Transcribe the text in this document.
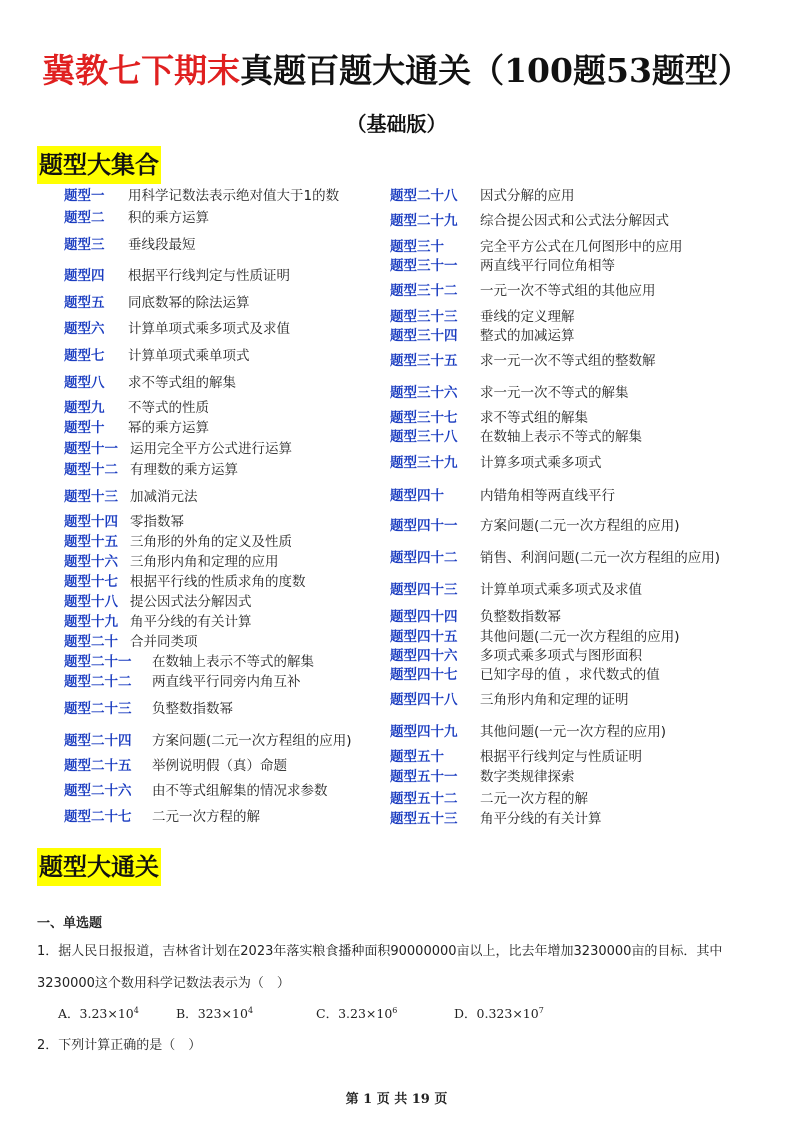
冀教七下期末真题百题大通关（100题53题型）
（基础版）
题型大集合
题型一 用科学记数法表示绝对值大于1的数
题型二 积的乘方运算
题型三 垂线段最短
题型四 根据平行线判定与性质证明
题型五 同底数幂的除法运算
题型六 计算单项式乘多项式及求值
题型七 计算单项式乘单项式
题型八 求不等式组的解集
题型九 不等式的性质
题型十 幂的乘方运算
题型十一 运用完全平方公式进行运算
题型十二 有理数的乘方运算
题型十三 加减消元法
题型十四 零指数幂
题型十五 三角形的外角的定义及性质
题型十六 三角形内角和定理的应用
题型十七 根据平行线的性质求角的度数
题型十八 提公因式法分解因式
题型十九 角平分线的有关计算
题型二十 合并同类项
题型二十一 在数轴上表示不等式的解集
题型二十二 两直线平行同旁内角互补
题型二十三 负整数指数幂
题型二十四 方案问题(二元一次方程组的应用)
题型二十五 举例说明假（真）命题
题型二十六 由不等式组解集的情况求参数
题型二十七 二元一次方程的解
题型二十八 因式分解的应用
题型二十九 综合提公因式和公式法分解因式
题型三十	完全平方公式在几何图形中的应用
题型三十一 两直线平行同位角相等
题型三十二 一元一次不等式组的其他应用
题型三十三 垂线的定义理解
题型三十四 整式的加减运算
题型三十五 求一元一次不等式组的整数解
题型三十六 求一元一次不等式的解集
题型三十七 求不等式组的解集
题型三十八 在数轴上表示不等式的解集
题型三十九 计算多项式乘多项式
题型四十	内错角相等两直线平行
题型四十一 方案问题(二元一次方程组的应用)
题型四十二 销售、利润问题(二元一次方程组的应用)
题型四十三 计算单项式乘多项式及求值
题型四十四 负整数指数幂
题型四十五 其他问题(二元一次方程组的应用)
题型四十六 多项式乘多项式与图形面积
题型四十七 已知字母的值 ，求代数式的值
题型四十八 三角形内角和定理的证明
题型四十九 其他问题(一元一次方程的应用)
题型五十	根据平行线判定与性质证明
题型五十一 数字类规律探索
题型五十二 二元一次方程的解
题型五十三 角平分线的有关计算
题型大通关
一、单选题
1．据人民日报报道，吉林省计划在2023年落实粮食播种面积90000000亩以上，比去年增加3230000亩的目标．其中
3230000这个数用科学记数法表示为（　）
A．$3.23\times 10^4$	B．$323\times 10^4$	C．$3.23\times 10^6$	D．$0.323\times 10^7$
2．下列计算正确的是（　）
第 1 页 共 19 页
